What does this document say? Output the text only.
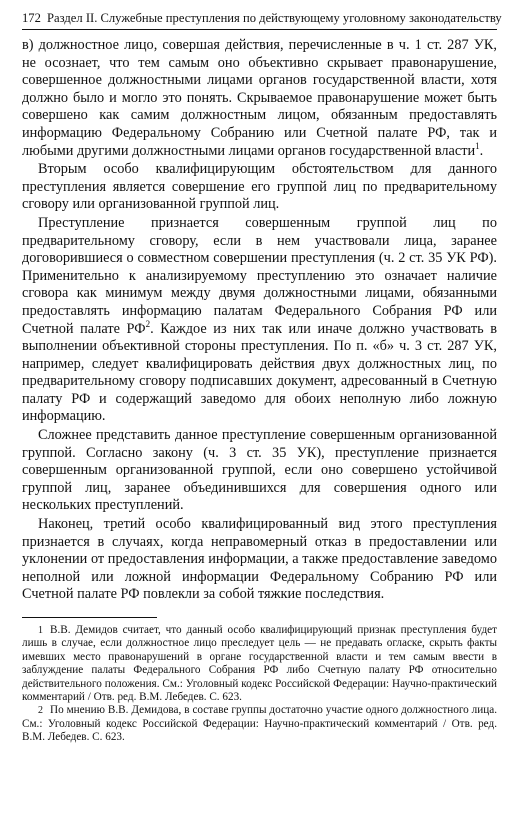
172 Раздел II. Служебные преступления по действующему уголовному законодательству

в) должностное лицо, совершая действия, перечисленные в ч. 1 ст. 287 УК, не осознает, что тем самым оно объективно скрывает правонарушение, совершенное должностными лицами органов государственной власти, хотя должно было и могло это понять. Скрываемое правонарушение может быть совершено как самим должностным лицом, обязанным предоставлять информацию Федеральному Собранию или Счетной палате РФ, так и любыми другими должностными лицами органов государственной власти$^1$.

Вторым особо квалифицирующим обстоятельством для данного преступления является совершение его группой лиц по предварительному сговору или организованной группой лиц.

Преступление признается совершенным группой лиц по предварительному сговору, если в нем участвовали лица, заранее договорившиеся о совместном совершении преступления (ч. 2 ст. 35 УК РФ). Применительно к анализируемому преступлению это означает наличие сговора как минимум между двумя должностными лицами, обязанными предоставлять информацию палатам Федерального Собрания РФ или Счетной палате $РФ^2$. Каждое из них так или иначе должно участвовать в выполнении объективной стороны преступления. По п. «б» ч. 3 ст. 287 УК, например, следует квалифицировать действия двух должностных лиц, по предварительному сговору подписавших документ, адресованный в Счетную палату РФ и содержащий заведомо для обоих неполную либо ложную информацию.

Сложнее представить данное преступление совершенным организованной группой. Согласно закону (ч. 3 ст. 35 УК), преступление признается совершенным организованной группой, если оно совершено устойчивой группой лиц, заранее объединившихся для совершения одного или нескольких преступлений.

Наконец, третий особо квалифицированный вид этого преступления признается в случаях, когда неправомерный отказ в предоставлении или уклонении от предоставления информации, а также предоставление заведомо неполной или ложной информации Федеральному Собранию РФ или Счетной палате РФ повлекли за собой тяжкие последствия.

1 В.В. Демидов считает, что данный особо квалифицирующий признак преступления будет лишь в случае, если должностное лицо преследует цель — не предавать огласке, скрыть факты имевших место правонарушений в органе государственной власти и тем самым ввести в заблуждение палаты Федерального Собрания РФ либо Счетную палату РФ относительно действительного положения. См.: Уголовный кодекс Российской Федерации: Научно-практический комментарий / Отв. ред. В.М. Лебедев. С. 623.

2 По мнению В.В. Демидова, в составе группы достаточно участие одного должностного лица. См.: Уголовный кодекс Российской Федерации: Научно-практический комментарий / Отв. ред. В.М. Лебедев. С. 623.
